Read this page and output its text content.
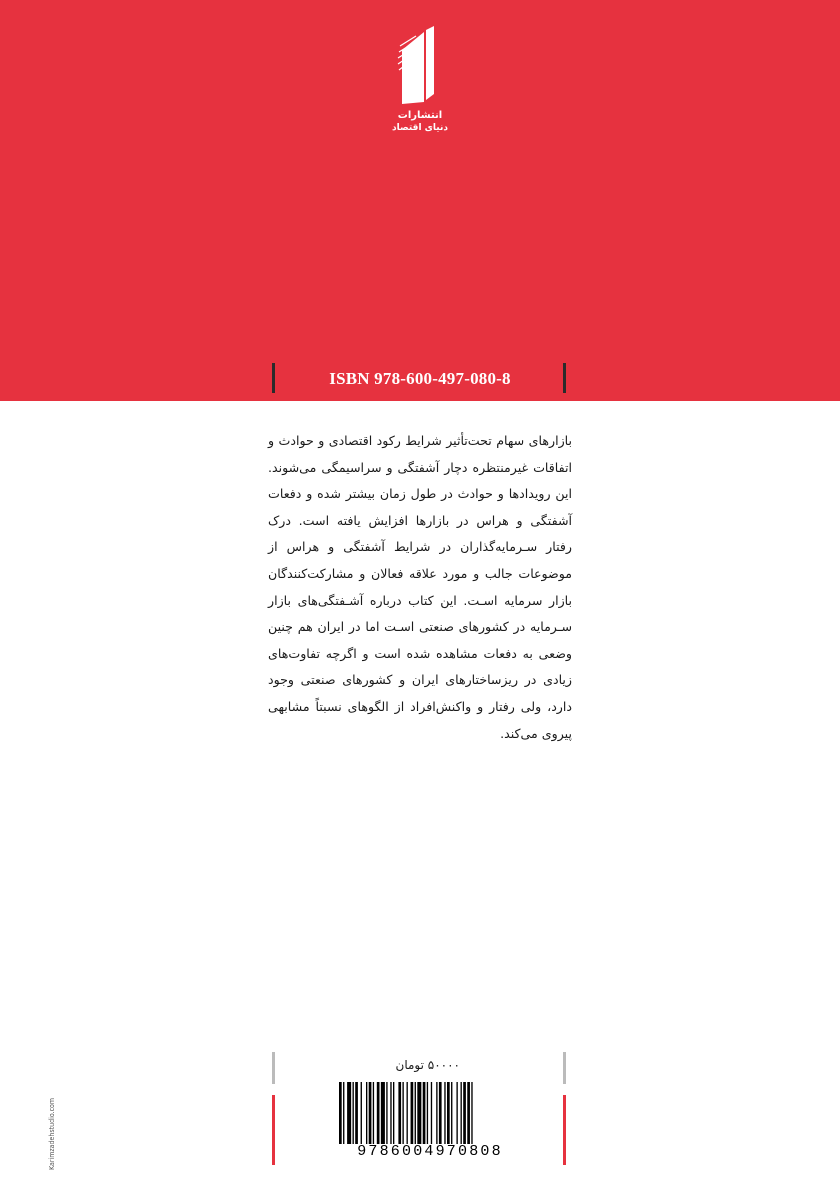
انتشارات
دنیای اقتصاد
ISBN 978-600-497-080-8
بازارهای سهام تحت‌تأثیر شرایط رکود اقتصادی و حوادث و اتفاقات غیرمنتظره دچار آشفتگی و سراسیمگی می‌شوند. این رویدادها و حوادث در طول زمان بیشتر شده و دفعات آشفتگی و هراس در بازارها افزایش یافته است. درک رفتار سـرمایه‌گذاران در شرایط آشفتگی و هراس از موضوعات جالب و مورد علاقه فعالان و مشارکت‌کنندگان بازار سرمایه اسـت. این کتاب درباره آشـفتگی‌های بازار سـرمایه در کشورهای صنعتی اسـت اما در ایران هم چنین وضعی به دفعات مشاهده شده است و اگرچه تفاوت‌های زیادی در ریزساختارهای ایران و کشورهای صنعتی وجود دارد، ولی رفتار و واکنش‌افراد از الگوهای نسبتاً مشابهی پیروی می‌کند.
۵۰۰۰۰ تومان
9786004970808
Karimzadehstudio.com
